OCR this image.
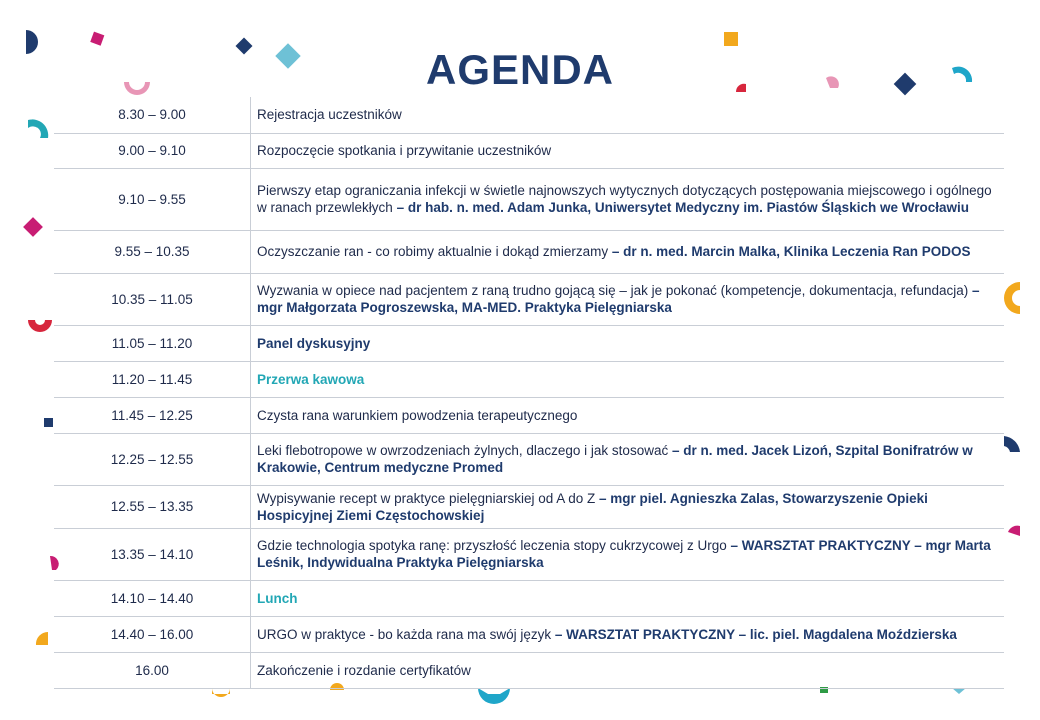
AGENDA
8.30 – 9.00	Rejestracja uczestników
9.00 – 9.10	Rozpoczęcie spotkania i przywitanie uczestników
9.10 – 9.55	Pierwszy etap ograniczania infekcji w świetle najnowszych wytycznych dotyczących postępowania miejscowego i ogólnego w ranach przewlekłych – dr hab. n. med. Adam Junka, Uniwersytet Medyczny im. Piastów Śląskich we Wrocławiu
9.55 – 10.35	Oczyszczanie ran - co robimy aktualnie i dokąd zmierzamy – dr n. med. Marcin Malka, Klinika Leczenia Ran PODOS
10.35 – 11.05	Wyzwania w opiece nad pacjentem z raną trudno gojącą się – jak je pokonać (kompetencje, dokumentacja, refundacja) – mgr Małgorzata Pogroszewska, MA-MED. Praktyka Pielęgniarska
11.05 – 11.20	Panel dyskusyjny
11.20 – 11.45	Przerwa kawowa
11.45 – 12.25	Czysta rana warunkiem powodzenia terapeutycznego
12.25 – 12.55	Leki flebotropowe w owrzodzeniach żylnych, dlaczego i jak stosować – dr n. med. Jacek Lizoń, Szpital Bonifratrów w Krakowie, Centrum medyczne Promed
12.55 – 13.35	Wypisywanie recept w praktyce pielęgniarskiej od A do Z – mgr piel. Agnieszka Zalas, Stowarzyszenie Opieki Hospicyjnej Ziemi Częstochowskiej
13.35 – 14.10	Gdzie technologia spotyka ranę: przyszłość leczenia stopy cukrzycowej z Urgo – WARSZTAT PRAKTYCZNY – mgr Marta Leśnik, Indywidualna Praktyka Pielęgniarska
14.10 – 14.40	Lunch
14.40 – 16.00	URGO w praktyce - bo każda rana ma swój język – WARSZTAT PRAKTYCZNY – lic. piel. Magdalena Moździerska
16.00	Zakończenie i rozdanie certyfikatów
